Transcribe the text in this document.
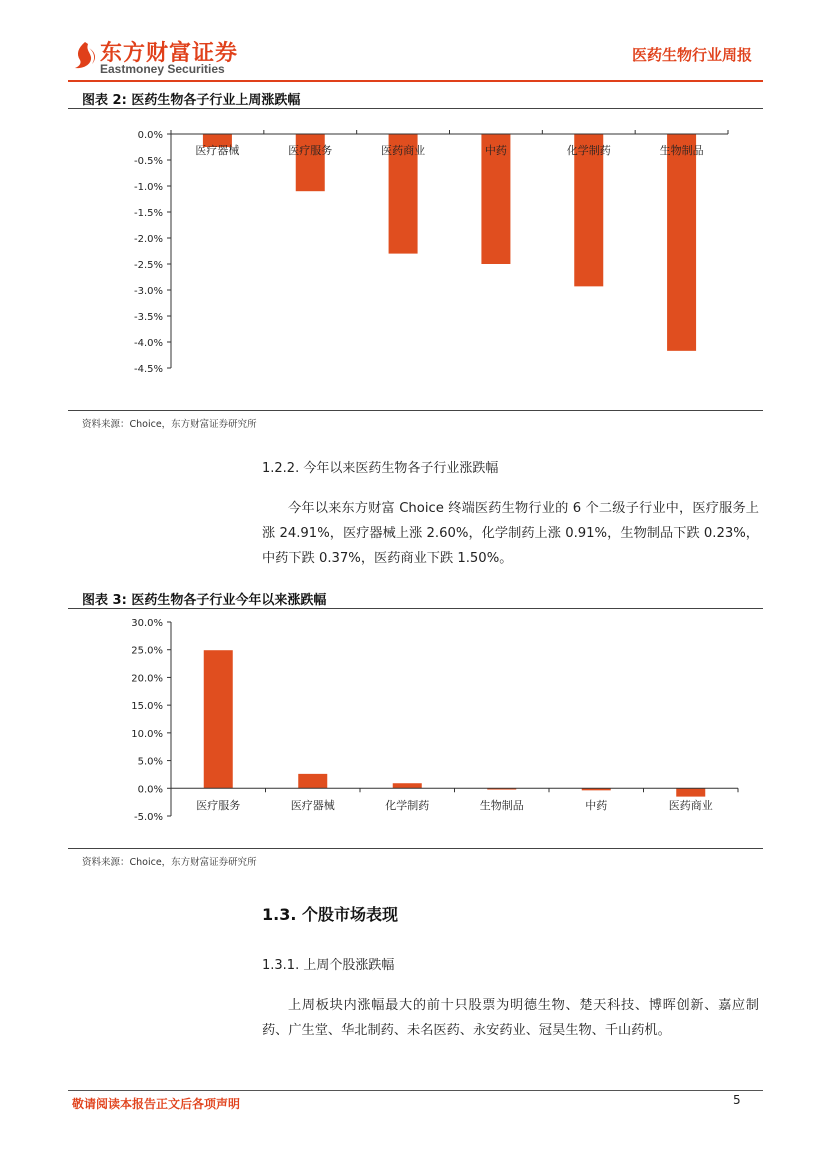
东方财富证券
Eastmoney Securities
医药生物行业周报
图表 2: 医药生物各子行业上周涨跌幅
0.0%
-0.5%
-1.0%
-1.5%
-2.0%
-2.5%
-3.0%
-3.5%
-4.0%
-4.5%
医疗器械	医疗服务	医药商业	中药	化学制药	生物制品
资料来源：Choice，东方财富证券研究所
1.2.2. 今年以来医药生物各子行业涨跌幅
今年以来东方财富 Choice 终端医药生物行业的 6 个二级子行业中，医疗服务上涨 24.91%，医疗器械上涨 2.60%，化学制药上涨 0.91%，生物制品下跌 0.23%，中药下跌 0.37%，医药商业下跌 1.50%。
图表 3: 医药生物各子行业今年以来涨跌幅
30.0%
25.0%
20.0%
15.0%
10.0%
5.0%
0.0%
-5.0%
医疗服务	医疗器械	化学制药	生物制品	中药	医药商业
资料来源：Choice，东方财富证券研究所
1.3. 个股市场表现
1.3.1. 上周个股涨跌幅
上周板块内涨幅最大的前十只股票为明德生物、楚天科技、博晖创新、嘉应制药、广生堂、华北制药、未名医药、永安药业、冠昊生物、千山药机。
敬请阅读本报告正文后各项声明	5
